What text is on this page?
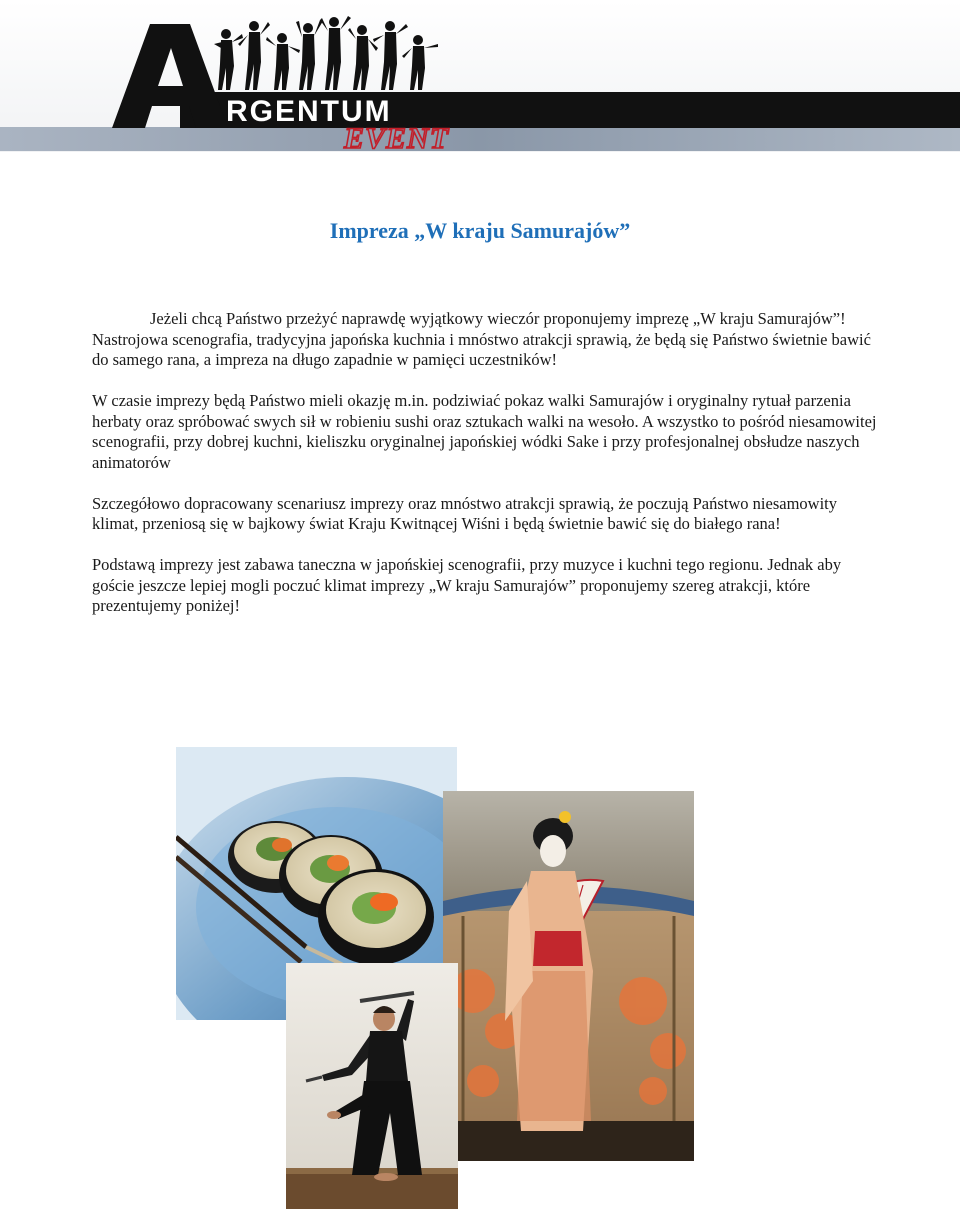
RGENTUM
EVENT
Impreza „W kraju Samurajów”

Jeżeli chcą Państwo przeżyć naprawdę wyjątkowy wieczór proponujemy imprezę „W kraju Samurajów”! Nastrojowa scenografia, tradycyjna japońska kuchnia i mnóstwo atrakcji sprawią, że będą się Państwo świetnie bawić do samego rana, a impreza na długo zapadnie w pamięci uczestników!

W czasie imprezy będą Państwo mieli okazję m.in. podziwiać pokaz walki Samurajów i oryginalny rytuał parzenia herbaty oraz spróbować swych sił w robieniu sushi oraz sztukach walki na wesoło. A wszystko to pośród niesamowitej scenografii, przy dobrej kuchni, kieliszku oryginalnej japońskiej wódki Sake i przy profesjonalnej obsłudze naszych animatorów

Szczegółowo dopracowany scenariusz imprezy oraz mnóstwo atrakcji sprawią, że poczują Państwo niesamowity klimat, przeniosą się w bajkowy świat Kraju Kwitnącej Wiśni i będą świetnie bawić się do białego rana!

Podstawą imprezy jest zabawa taneczna w japońskiej scenografii, przy muzyce i kuchni tego regionu. Jednak aby goście jeszcze lepiej mogli poczuć klimat imprezy „W kraju Samurajów” proponujemy szereg atrakcji, które prezentujemy poniżej!
